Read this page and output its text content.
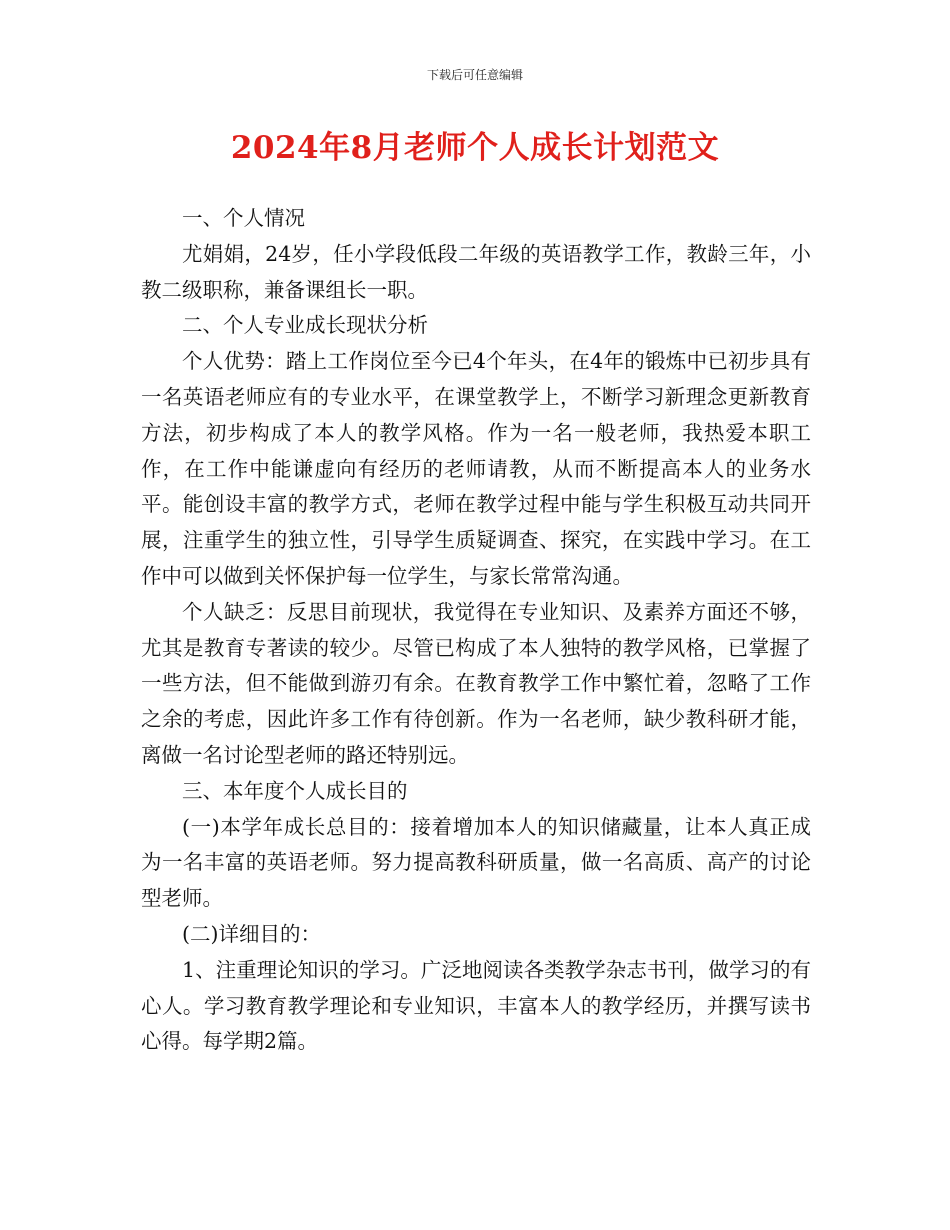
下载后可任意编辑
2024年8月老师个人成长计划范文

一、个人情况

尤娟娟，24岁，任小学段低段二年级的英语教学工作，教龄三年，小教二级职称，兼备课组长一职。

二、个人专业成长现状分析

个人优势：踏上工作岗位至今已4个年头，在4年的锻炼中已初步具有一名英语老师应有的专业水平，在课堂教学上，不断学习新理念更新教育方法，初步构成了本人的教学风格。作为一名一般老师，我热爱本职工作，在工作中能谦虚向有经历的老师请教，从而不断提高本人的业务水平。能创设丰富的教学方式，老师在教学过程中能与学生积极互动共同开展，注重学生的独立性，引导学生质疑调查、探究，在实践中学习。在工作中可以做到关怀保护每一位学生，与家长常常沟通。

个人缺乏：反思目前现状，我觉得在专业知识、及素养方面还不够，尤其是教育专著读的较少。尽管已构成了本人独特的教学风格，已掌握了一些方法，但不能做到游刃有余。在教育教学工作中繁忙着，忽略了工作之余的考虑，因此许多工作有待创新。作为一名老师，缺少教科研才能，离做一名讨论型老师的路还特别远。

三、本年度个人成长目的

(一)本学年成长总目的：接着增加本人的知识储藏量，让本人真正成为一名丰富的英语老师。努力提高教科研质量，做一名高质、高产的讨论型老师。

(二)详细目的：

1、注重理论知识的学习。广泛地阅读各类教学杂志书刊，做学习的有心人。学习教育教学理论和专业知识，丰富本人的教学经历，并撰写读书心得。每学期2篇。
